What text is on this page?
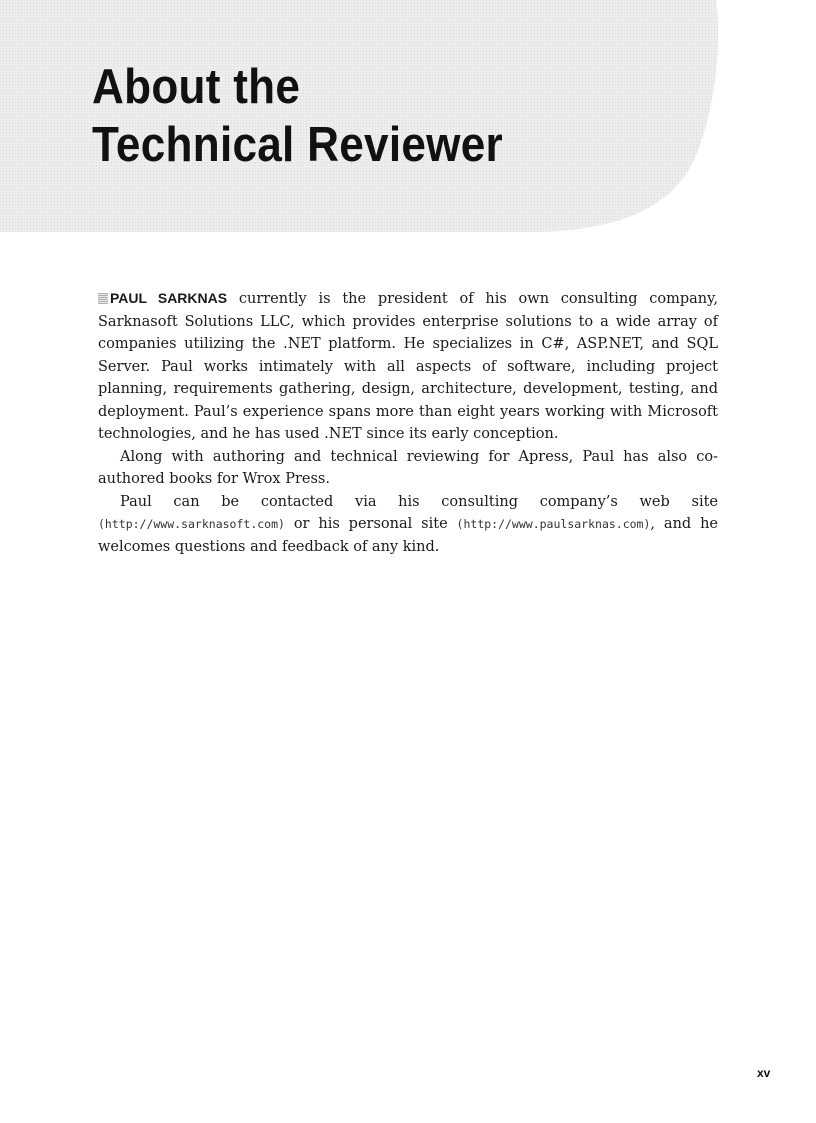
About the
Technical Reviewer

PAUL SARKNAS currently is the president of his own consulting company, Sarknasoft Solutions LLC, which provides enterprise solutions to a wide array of companies utilizing the .NET platform. He specializes in C#, ASP.NET, and SQL Server. Paul works intimately with all aspects of software, including project planning, requirements gathering, design, architecture, development, testing, and deployment. Paul’s experience spans more than eight years working with Microsoft technologies, and he has used .NET since its early conception.

Along with authoring and technical reviewing for Apress, Paul has also co-authored books for Wrox Press.

Paul can be contacted via his consulting company’s web site (http://www.sarknasoft.com) or his personal site (http://www.paulsarknas.com), and he welcomes questions and feedback of any kind.

xv
